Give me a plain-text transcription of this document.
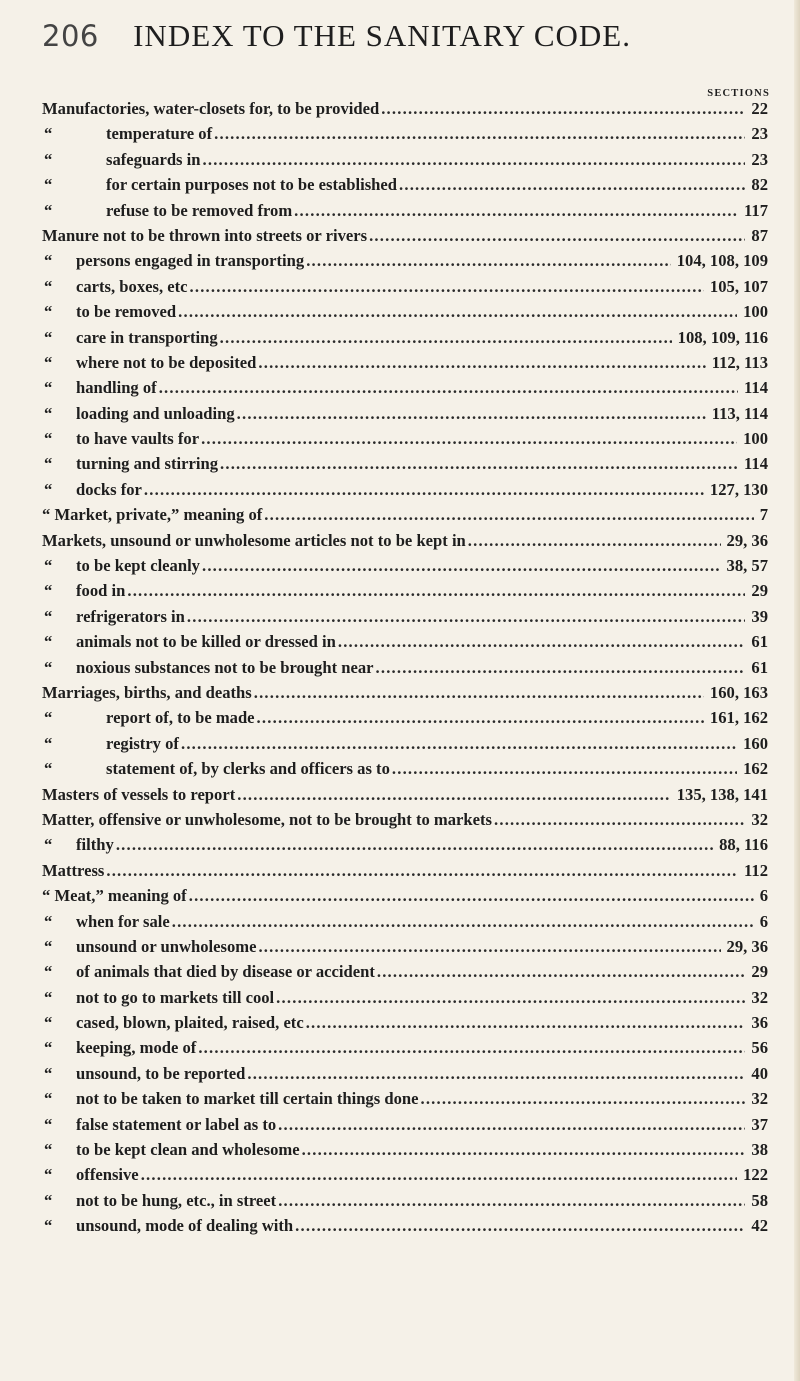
206 INDEX TO THE SANITARY CODE.
SECTIONS
Manufactories, water-closets for, to be provided .....	22
“	temperature of .....	23
“	safeguards in .....	23
“	for certain purposes not to be established .....	82
“	refuse to be removed from .....	117
Manure not to be thrown into streets or rivers .....	87
“	persons engaged in transporting .....	104, 108, 109
“	carts, boxes, etc .....	105, 107
“	to be removed .....	100
“	care in transporting .....	108, 109, 116
“	where not to be deposited .....	112, 113
“	handling of .....	114
“	loading and unloading .....	113, 114
“	to have vaults for .....	100
“	turning and stirring .....	114
“	docks for .....	127, 130
“ Market, private,” meaning of .....	7
Markets, unsound or unwholesome articles not to be kept in .....	29, 36
“	to be kept cleanly .....	38, 57
“	food in .....	29
“	refrigerators in .....	39
“	animals not to be killed or dressed in .....	61
“	noxious substances not to be brought near .....	61
Marriages, births, and deaths .....	160, 163
“	report of, to be made .....	161, 162
“	registry of .....	160
“	statement of, by clerks and officers as to .....	162
Masters of vessels to report .....	135, 138, 141
Matter, offensive or unwholesome, not to be brought to markets .....	32
“	filthy .....	88, 116
Mattress .....	112
“ Meat,” meaning of .....	6
“	when for sale .....	6
“	unsound or unwholesome .....	29, 36
“	of animals that died by disease or accident .....	29
“	not to go to markets till cool .....	32
“	cased, blown, plaited, raised, etc .....	36
“	keeping, mode of .....	56
“	unsound, to be reported .....	40
“	not to be taken to market till certain things done .....	32
“	false statement or label as to .....	37
“	to be kept clean and wholesome .....	38
“	offensive .....	122
“	not to be hung, etc., in street .....	58
“	unsound, mode of dealing with .....	42
